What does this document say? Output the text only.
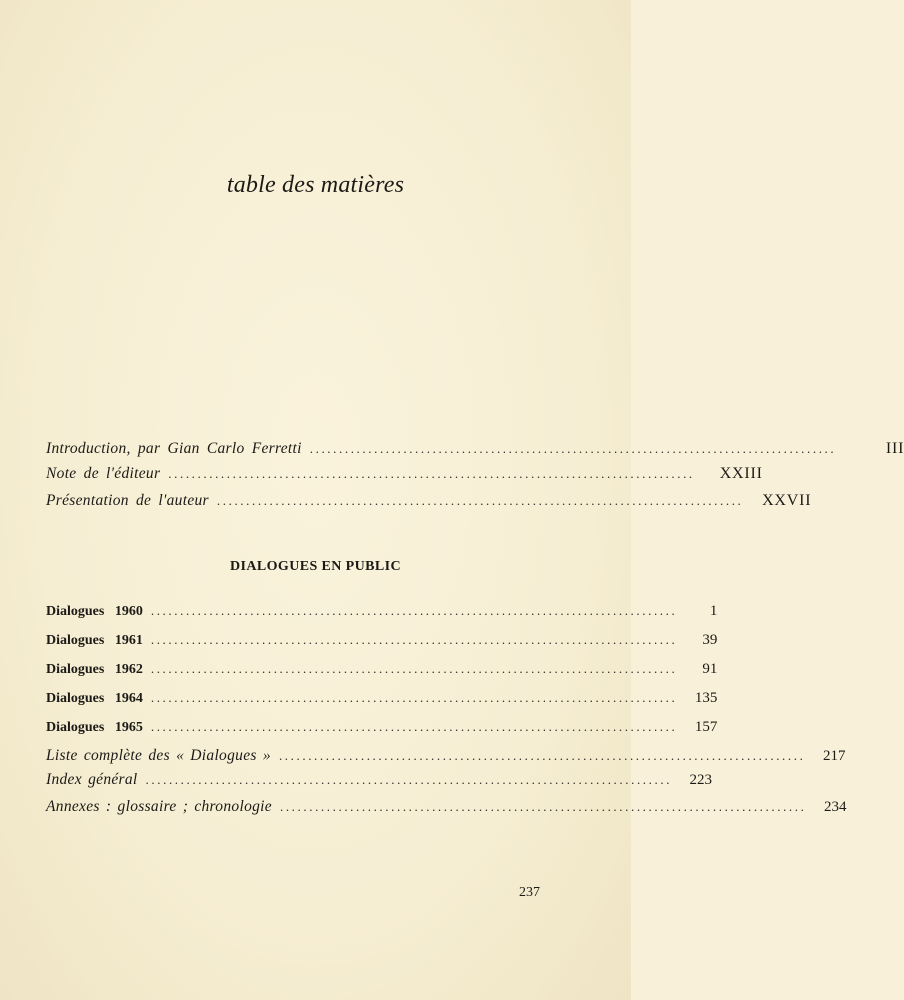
table des matières
Introduction, par Gian Carlo Ferretti ..........................................................................................	III
Note de l'éditeur ..........................................................................................	XXIII
Présentation de l'auteur .......................................................................................... XXVII
DIALOGUES EN PUBLIC
Dialogues 1960 ..........................................................................................	1
Dialogues 1961 ..........................................................................................	39
Dialogues 1962 ..........................................................................................	91
Dialogues 1964 ..........................................................................................	135
Dialogues 1965 ..........................................................................................	157
Liste complète des « Dialogues » ..........................................................................................	217
Index général ..........................................................................................	223
Annexes : glossaire ; chronologie ..........................................................................................	234
237
